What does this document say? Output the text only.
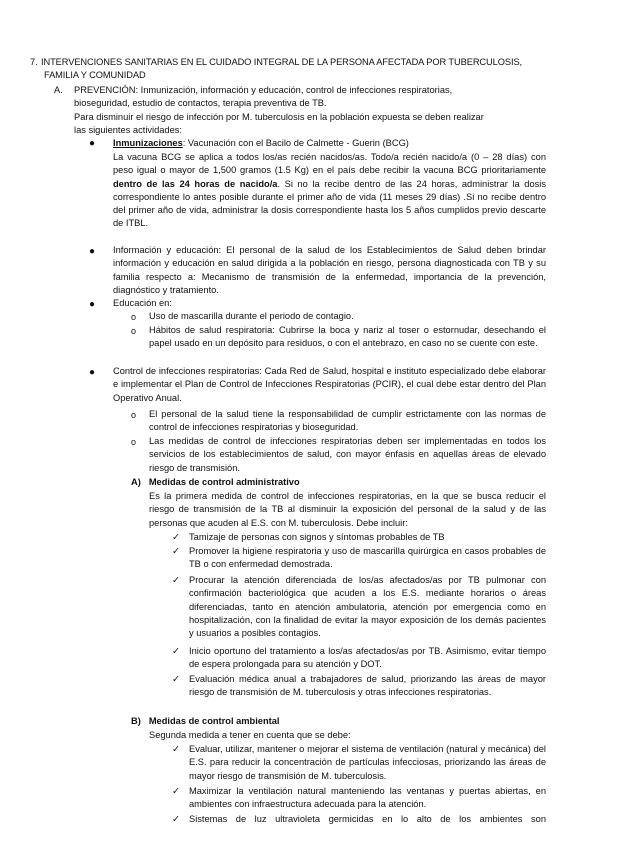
7. INTERVENCIONES SANITARIAS EN EL CUIDADO INTEGRAL DE LA PERSONA AFECTADA POR TUBERCULOSIS,
FAMILIA Y COMUNIDAD
A. PREVENCIÓN: Inmunización, información y educación, control de infecciones respiratorias,
bioseguridad, estudio de contactos, terapia preventiva de TB.
Para disminuir el riesgo de infección por M. tuberculosis en la población expuesta se deben realizar
las siguientes actividades:
● Inmunizaciones: Vacunación con el Bacilo de Calmette - Guerin (BCG)
La vacuna BCG se aplica a todos los/as recién nacidos/as. Todo/a recién nacido/a (0 – 28 días) con peso igual o mayor de 1,500 gramos (1.5 Kg) en el país debe recibir la vacuna BCG prioritariamente dentro de las 24 horas de nacido/a. Si no la recibe dentro de las 24 horas, administrar la dosis correspondiente lo antes posible durante el primer año de vida (11 meses 29 días) .Si no recibe dentro del primer año de vida, administrar la dosis correspondiente hasta los 5 años cumplidos previo descarte de ITBL.
● Información y educación: El personal de la salud de los Establecimientos de Salud deben brindar información y educación en salud dirigida a la población en riesgo, persona diagnosticada con TB y su familia respecto a: Mecanismo de transmisión de la enfermedad, importancia de la prevención, diagnóstico y tratamiento.
● Educación en:
o Uso de mascarilla durante el periodo de contagio.
o Hábitos de salud respiratoria: Cubrirse la boca y nariz al toser o estornudar, desechando el papel usado en un depósito para residuos, o con el antebrazo, en caso no se cuente con este.
● Control de infecciones respiratorias: Cada Red de Salud, hospital e instituto especializado debe elaborar e implementar el Plan de Control de Infecciones Respiratorias (PCIR), el cual debe estar dentro del Plan Operativo Anual.
o El personal de la salud tiene la responsabilidad de cumplir estrictamente con las normas de control de infecciones respiratorias y bioseguridad.
o Las medidas de control de infecciones respiratorias deben ser implementadas en todos los servicios de los establecimientos de salud, con mayor énfasis en aquellas áreas de elevado riesgo de transmisión.
A) Medidas de control administrativo
Es la primera medida de control de infecciones respiratorias, en la que se busca reducir el riesgo de transmisión de la TB al disminuir la exposición del personal de la salud y de las personas que acuden al E.S. con M. tuberculosis. Debe incluir:
✓ Tamizaje de personas con signos y síntomas probables de TB
✓ Promover la higiene respiratoria y uso de mascarilla quirúrgica en casos probables de TB o con enfermedad demostrada.
✓ Procurar la atención diferenciada de los/as afectados/as por TB pulmonar con confirmación bacteriológica que acuden a los E.S. mediante horarios o áreas diferenciadas, tanto en atención ambulatoria, atención por emergencia como en hospitalización, con la finalidad de evitar la mayor exposición de los demás pacientes y usuarios a posibles contagios.
✓ Inicio oportuno del tratamiento a los/as afectados/as por TB. Asimismo, evitar tiempo de espera prolongada para su atención y DOT.
✓ Evaluación médica anual a trabajadores de salud, priorizando las áreas de mayor riesgo de transmisión de M. tuberculosis y otras infecciones respiratorias.
B) Medidas de control ambiental
Segunda medida a tener en cuenta que se debe:
✓ Evaluar, utilizar, mantener o mejorar el sistema de ventilación (natural y mecánica) del E.S. para reducir la concentración de partículas infecciosas, priorizando las áreas de mayor riesgo de transmisión de M. tuberculosis.
✓ Maximizar la ventilación natural manteniendo las ventanas y puertas abiertas, en ambientes con infraestructura adecuada para la atención.
✓ Sistemas de luz ultravioleta germicidas en lo alto de los ambientes son
